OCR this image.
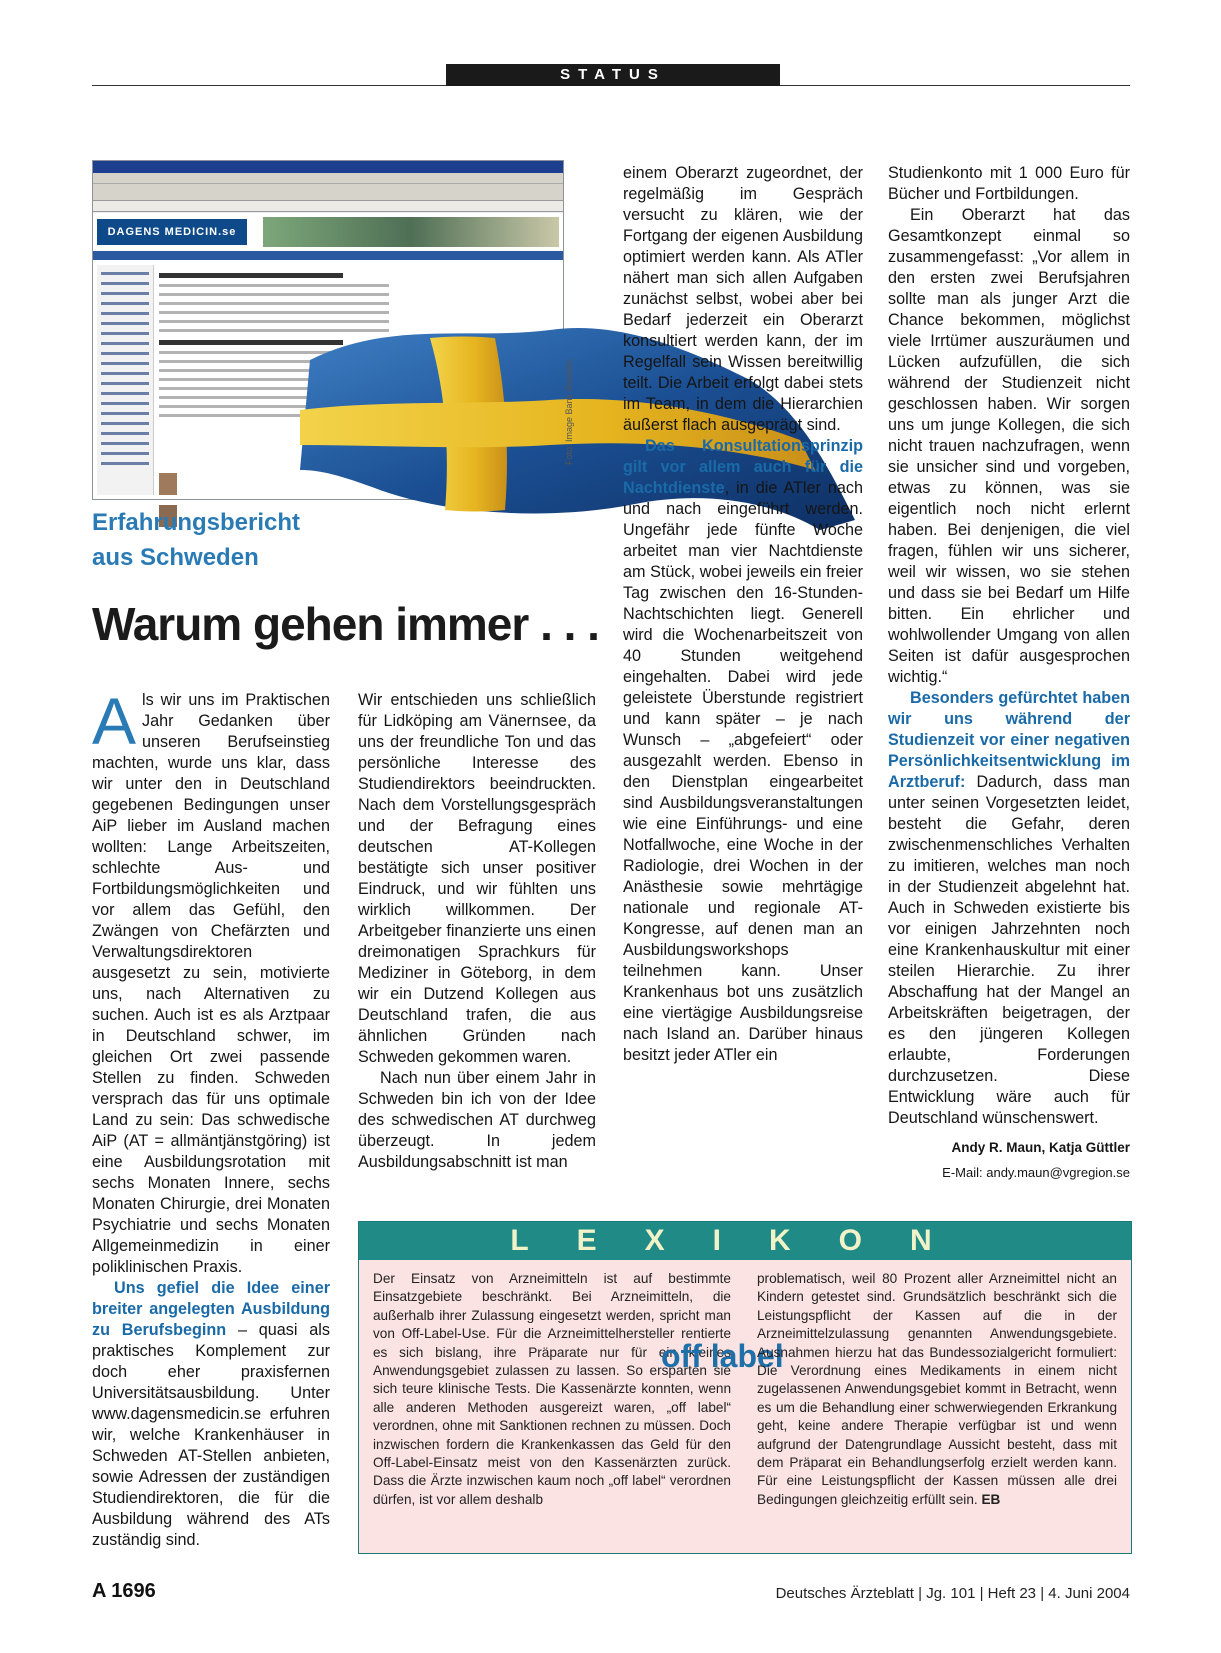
STATUS
DAGENS MEDICIN.se
Foto: Image Bank Sweden
Erfahrungsbericht
aus Schweden
Warum gehen immer . . .

Als wir uns im Praktischen Jahr Gedanken über unseren Berufseinstieg machten, wurde uns klar, dass wir unter den in Deutschland gegebenen Bedingungen unser AiP lieber im Ausland machen wollten: Lange Arbeitszeiten, schlechte Aus- und Fortbildungsmöglichkeiten und vor allem das Gefühl, den Zwängen von Chefärzten und Verwaltungsdirektoren ausgesetzt zu sein, motivierte uns, nach Alternativen zu suchen. Auch ist es als Arztpaar in Deutschland schwer, im gleichen Ort zwei passende Stellen zu finden. Schweden versprach das für uns optimale Land zu sein: Das schwedische AiP (AT = allmäntjänstgöring) ist eine Ausbildungsrotation mit sechs Monaten Innere, sechs Monaten Chirurgie, drei Monaten Psychiatrie und sechs Monaten Allgemeinmedizin in einer poliklinischen Praxis.

Uns gefiel die Idee einer breiter angelegten Ausbildung zu Berufsbeginn – quasi als praktisches Komplement zur doch eher praxisfernen Universitätsausbildung. Unter www.dagensmedicin.se erfuhren wir, welche Krankenhäuser in Schweden AT-Stellen anbieten, sowie Adressen der zuständigen Studiendirektoren, die für die Ausbildung während des ATs zuständig sind.

Wir entschieden uns schließlich für Lidköping am Vänernsee, da uns der freundliche Ton und das persönliche Interesse des Studiendirektors beeindruckten. Nach dem Vorstellungsgespräch und der Befragung eines deutschen AT-Kollegen bestätigte sich unser positiver Eindruck, und wir fühlten uns wirklich willkommen. Der Arbeitgeber finanzierte uns einen dreimonatigen Sprachkurs für Mediziner in Göteborg, in dem wir ein Dutzend Kollegen aus Deutschland trafen, die aus ähnlichen Gründen nach Schweden gekommen waren.

Nach nun über einem Jahr in Schweden bin ich von der Idee des schwedischen AT durchweg überzeugt. In jedem Ausbildungsabschnitt ist man

einem Oberarzt zugeordnet, der regelmäßig im Gespräch versucht zu klären, wie der Fortgang der eigenen Ausbildung optimiert werden kann. Als ATler nähert man sich allen Aufgaben zunächst selbst, wobei aber bei Bedarf jederzeit ein Oberarzt konsultiert werden kann, der im Regelfall sein Wissen bereitwillig teilt. Die Arbeit erfolgt dabei stets im Team, in dem die Hierarchien äußerst flach ausgeprägt sind.

Das Konsultationsprinzip gilt vor allem auch für die Nachtdienste, in die ATler nach und nach eingeführt werden. Ungefähr jede fünfte Woche arbeitet man vier Nachtdienste am Stück, wobei jeweils ein freier Tag zwischen den 16-Stunden-Nachtschichten liegt. Generell wird die Wochenarbeitszeit von 40 Stunden weitgehend eingehalten. Dabei wird jede geleistete Überstunde registriert und kann später – je nach Wunsch – „abgefeiert“ oder ausgezahlt werden. Ebenso in den Dienstplan eingearbeitet sind Ausbildungsveranstaltungen wie eine Einführungs- und eine Notfallwoche, eine Woche in der Radiologie, drei Wochen in der Anästhesie sowie mehrtägige nationale und regionale AT-Kongresse, auf denen man an Ausbildungsworkshops teilnehmen kann. Unser Krankenhaus bot uns zusätzlich eine viertägige Ausbildungsreise nach Island an. Darüber hinaus besitzt jeder ATler ein

Studienkonto mit 1 000 Euro für Bücher und Fortbildungen.

Ein Oberarzt hat das Gesamtkonzept einmal so zusammengefasst: „Vor allem in den ersten zwei Berufsjahren sollte man als junger Arzt die Chance bekommen, möglichst viele Irrtümer auszuräumen und Lücken aufzufüllen, die sich während der Studienzeit nicht geschlossen haben. Wir sorgen uns um junge Kollegen, die sich nicht trauen nachzufragen, wenn sie unsicher sind und vorgeben, etwas zu können, was sie eigentlich noch nicht erlernt haben. Bei denjenigen, die viel fragen, fühlen wir uns sicherer, weil wir wissen, wo sie stehen und dass sie bei Bedarf um Hilfe bitten. Ein ehrlicher und wohlwollender Umgang von allen Seiten ist dafür ausgesprochen wichtig.“

Besonders gefürchtet haben wir uns während der Studienzeit vor einer negativen Persönlichkeitsentwicklung im Arztberuf: Dadurch, dass man unter seinen Vorgesetzten leidet, besteht die Gefahr, deren zwischenmenschliches Verhalten zu imitieren, welches man noch in der Studienzeit abgelehnt hat. Auch in Schweden existierte bis vor einigen Jahrzehnten noch eine Krankenhauskultur mit einer steilen Hierarchie. Zu ihrer Abschaffung hat der Mangel an Arbeitskräften beigetragen, der es den jüngeren Kollegen erlaubte, Forderungen durchzusetzen. Diese Entwicklung wäre auch für Deutschland wünschenswert.

Andy R. Maun, Katja Güttler
E-Mail: andy.maun@vgregion.se
LEXIKON
Der Einsatz von Arzneimitteln ist auf bestimmte Einsatzgebiete beschränkt. Bei Arzneimitteln, die außerhalb ihrer Zulassung eingesetzt werden, spricht man von Off-Label-Use. Für die Arzneimittelhersteller rentierte es sich bislang, ihre Präparate nur für ein kleines Anwendungsgebiet zulassen zu lassen. So ersparten sie sich teure klinische Tests. Die Kassenärzte konnten, wenn alle anderen Methoden ausgereizt waren, „off label“ verordnen, ohne mit Sanktionen rechnen zu müssen. Doch inzwischen fordern die Krankenkassen das Geld für den Off-Label-Einsatz meist von den Kassenärzten zurück. Dass die Ärzte inzwischen kaum noch „off label“ verordnen dürfen, ist vor allem deshalb
off label
problematisch, weil 80 Prozent aller Arzneimittel nicht an Kindern getestet sind. Grundsätzlich beschränkt sich die Leistungspflicht der Kassen auf die in der Arzneimittelzulassung genannten Anwendungsgebiete. Ausnahmen hierzu hat das Bundessozialgericht formuliert: Die Verordnung eines Medikaments in einem nicht zugelassenen Anwendungsgebiet kommt in Betracht, wenn es um die Behandlung einer schwerwiegenden Erkrankung geht, keine andere Therapie verfügbar ist und wenn aufgrund der Datengrundlage Aussicht besteht, dass mit dem Präparat ein Behandlungserfolg erzielt werden kann. Für eine Leistungspflicht der Kassen müssen alle drei Bedingungen gleichzeitig erfüllt sein. EB
A 1696	Deutsches Ärzteblatt | Jg. 101 | Heft 23 | 4. Juni 2004
